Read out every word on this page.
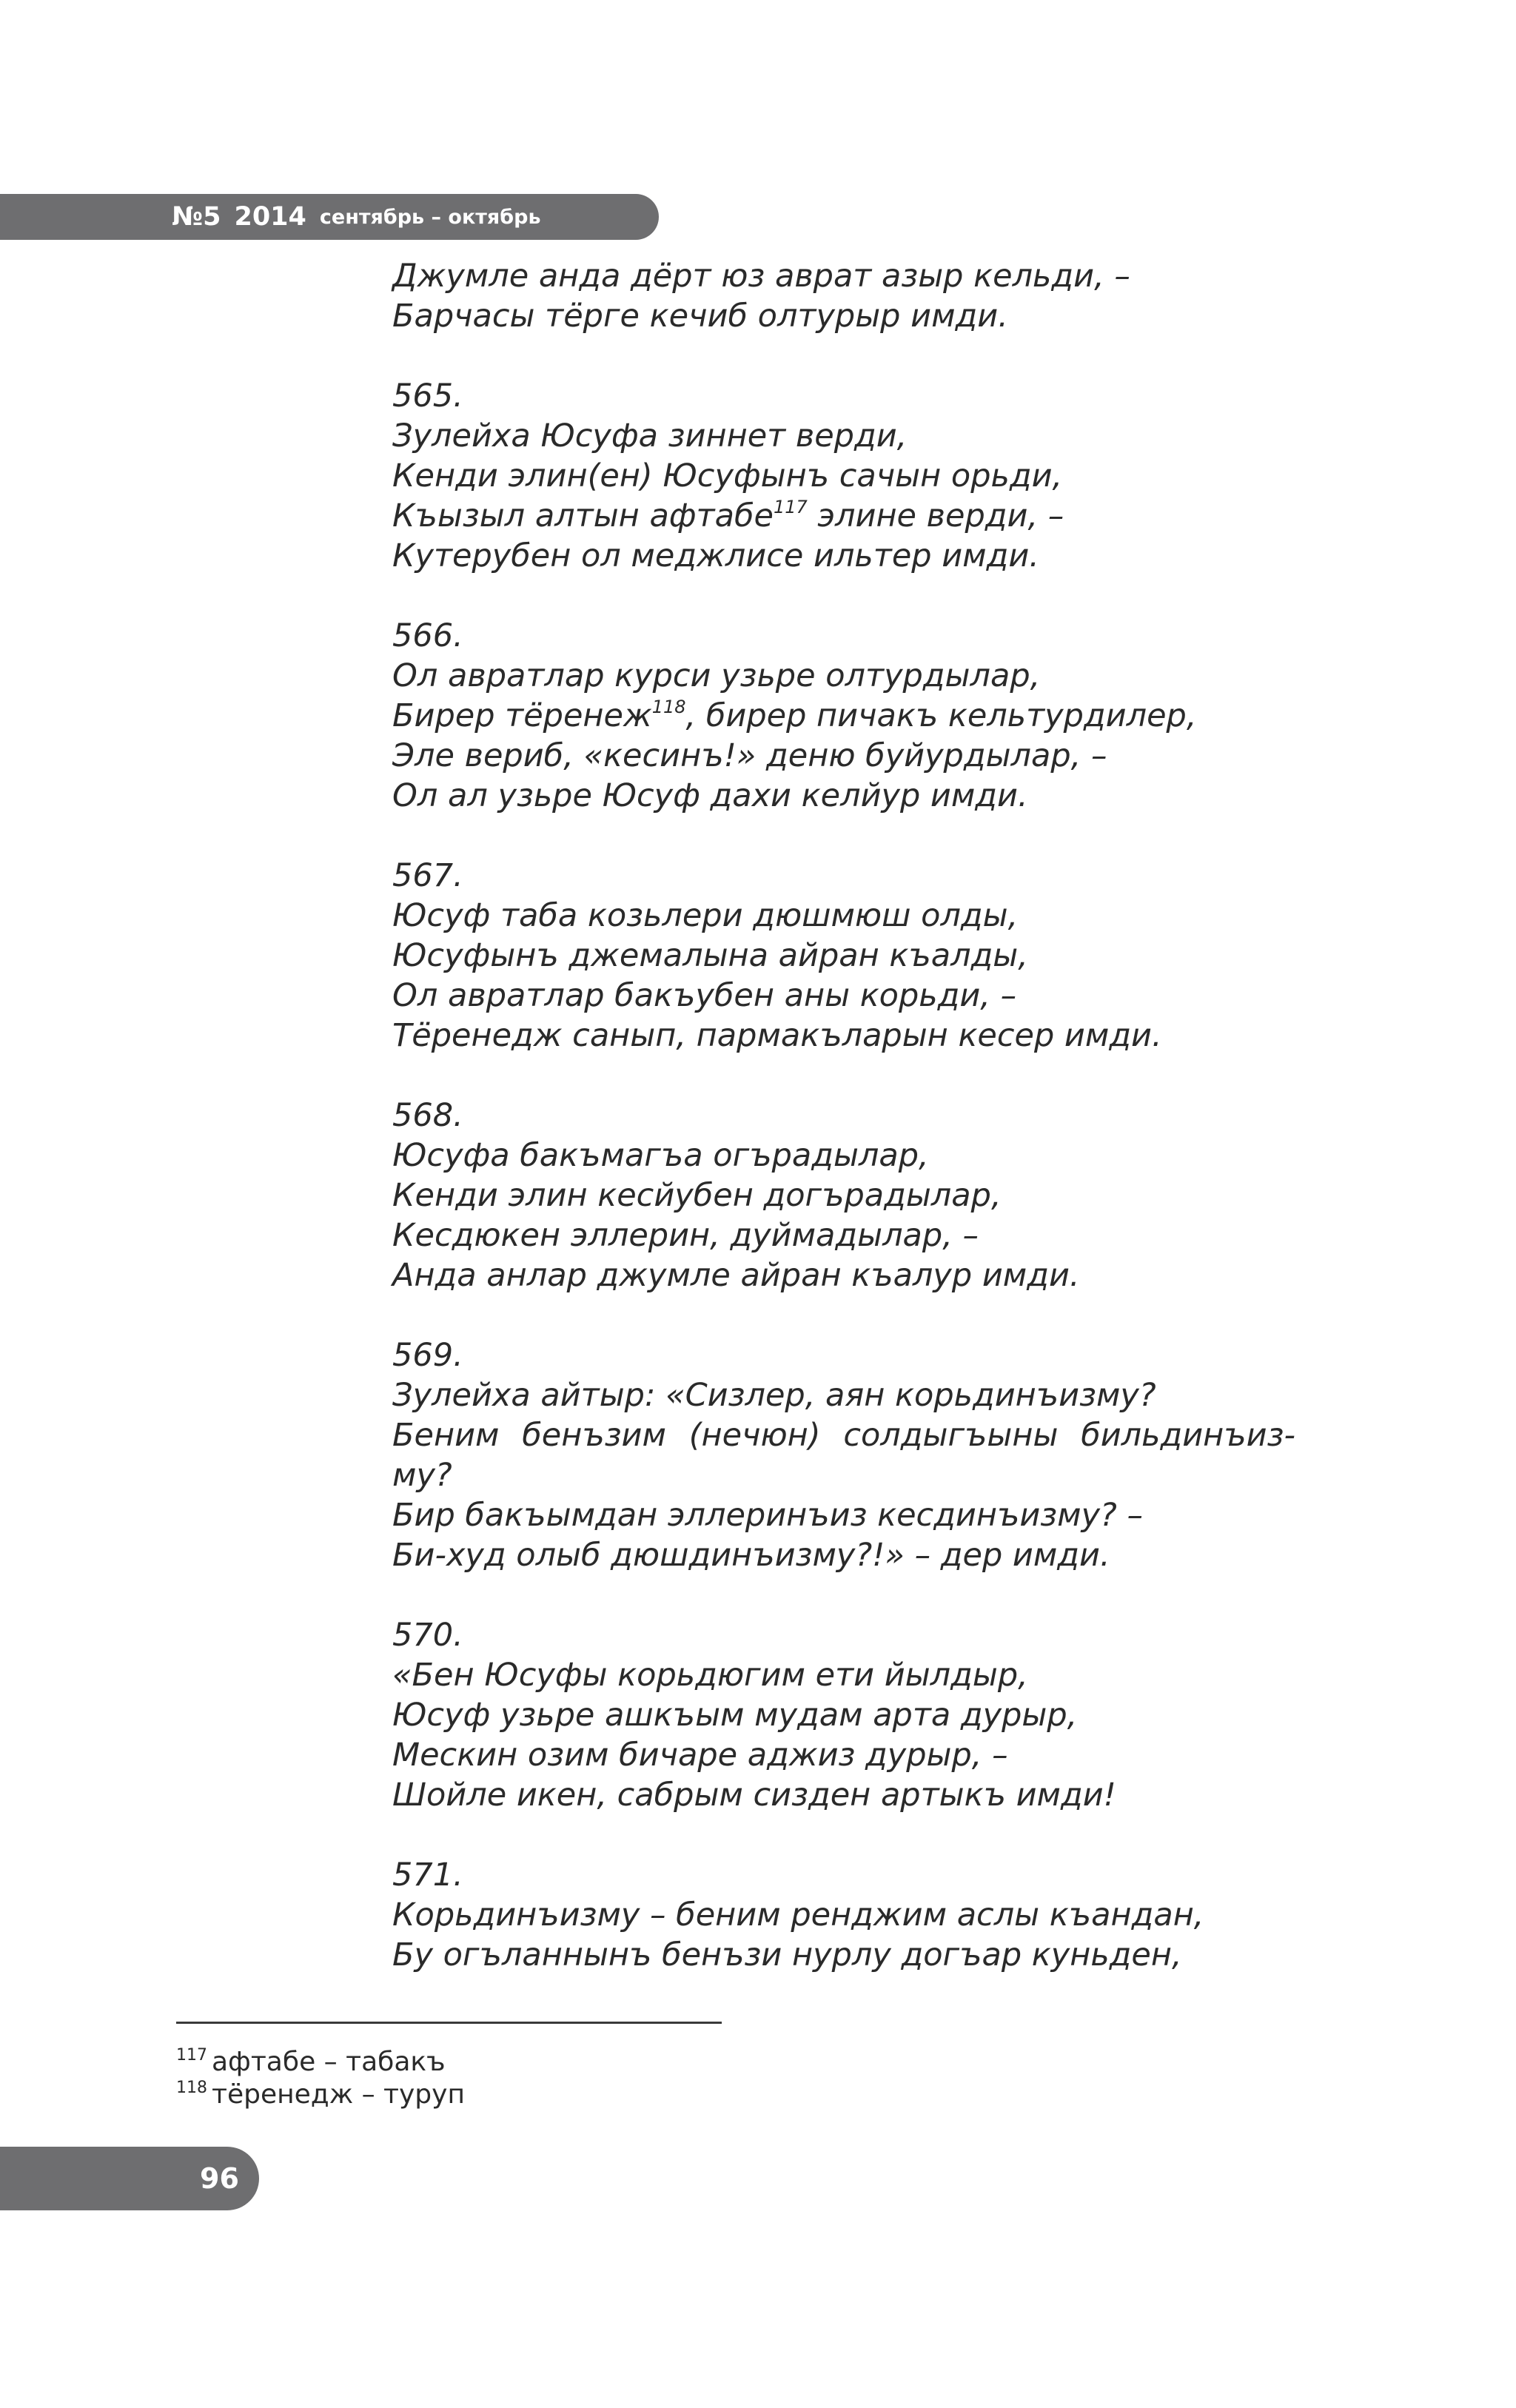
№5 2014 сентябрь – октябрь
Джумле анда дёрт юз аврат азыр кельди, –
Барчасы тёрге кечиб олтурыр имди.
565.
Зулейха Юсуфа зиннет верди,
Кенди элин(ен) Юсуфынъ сачын орьди,
Къызыл алтын афтабе$^{117}$ элине верди, –
Кутерубен ол меджлисе ильтер имди.
566.
Ол авратлар курси узьре олтурдылар,
Бирер тёренеж$^{118}$, бирер пичакъ кельтурдилер,
Эле вериб, «кесинъ!» деню буйурдылар, –
Ол ал узьре Юсуф дахи келйур имди.
567.
Юсуф таба козьлери дюшмюш олды,
Юсуфынъ джемалына айран къалды,
Ол авратлар бакъубен аны корьди, –
Тёренедж санып, пармакъларын кесер имди.
568.
Юсуфа бакъмагъа огърадылар,
Кенди элин кесйубен догърадылар,
Кесдюкен эллерин, дуймадылар, –
Анда анлар джумле айран къалур имди.
569.
Зулейха айтыр: «Сизлер, аян корьдинъизму?
Беним бенъзим (нечюн) солдыгъыны бильдинъиз-
му?
Бир бакъымдан эллеринъиз кесдинъизму? –
Би-худ олыб дюшдинъизму?!» – дер имди.
570.
«Бен Юсуфы корьдюгим ети йылдыр,
Юсуф узьре ашкъым мудам арта дурыр,
Мескин озим бичаре аджиз дурыр, –
Шойле икен, сабрым сизден артыкъ имди!
571.
Корьдинъизму – беним ренджим аслы къандан,
Бу огъланнынъ бенъзи нурлу догъар куньден,
$^{117}$ афтабе – табакъ
$^{118}$ тёренедж – туруп
96
